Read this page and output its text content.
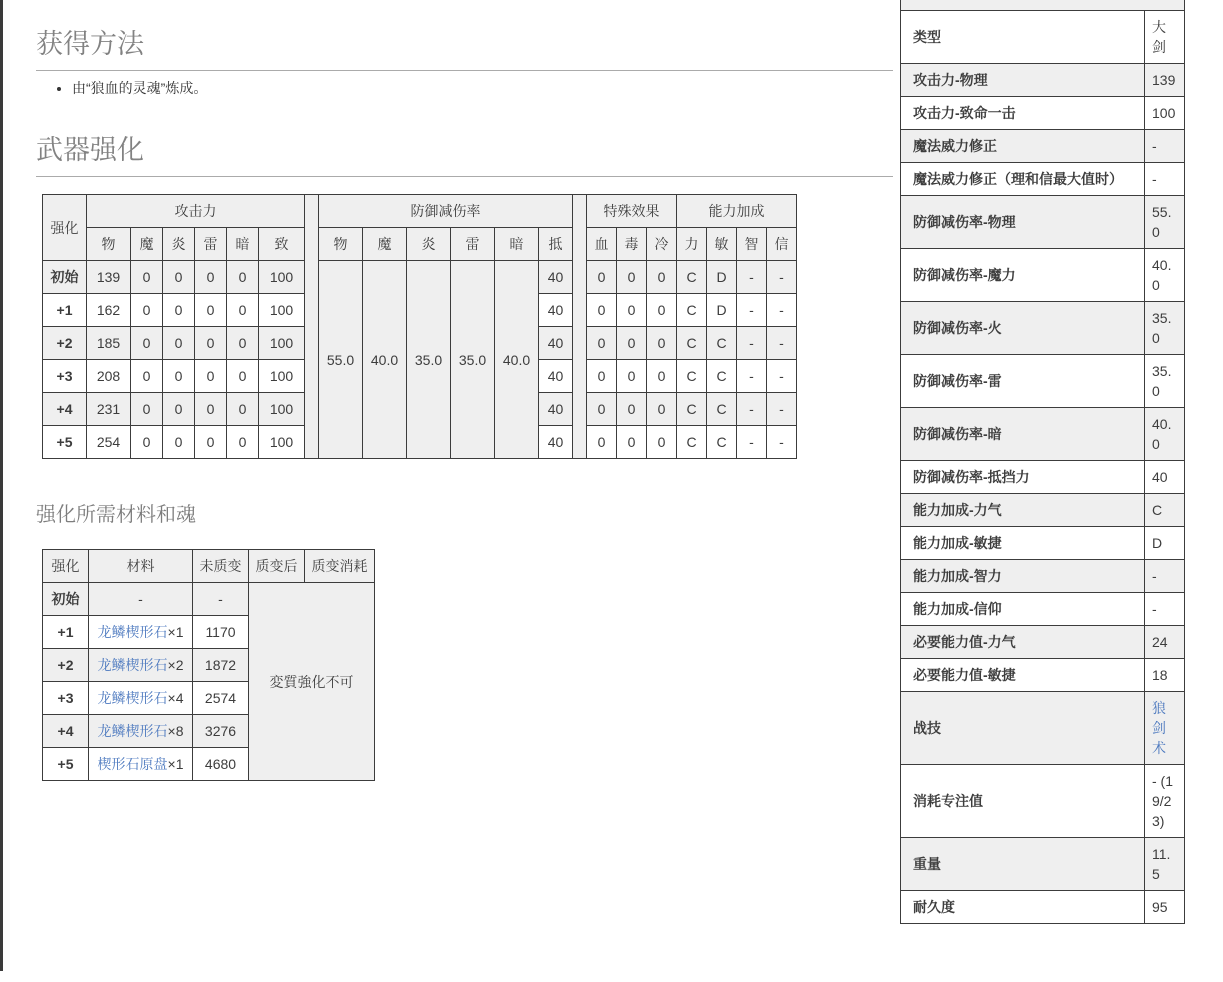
获得方法
• 由“狼血的灵魂”炼成。
武器强化
强化	攻击力							防御减伤率							特殊效果			能力加成			
	物	魔	炎	雷	暗	致		物	魔	炎	雷	暗	抵		血	毒	冷	力	敏	智	信
初始	139	0	0	0	0	100		55.0	40.0	35.0	35.0	40.0	40		0	0	0	C	D	-	-
+1	162	0	0	0	0	100							40		0	0	0	C	D	-	-
+2	185	0	0	0	0	100							40		0	0	0	C	C	-	-
+3	208	0	0	0	0	100							40		0	0	0	C	C	-	-
+4	231	0	0	0	0	100							40		0	0	0	C	C	-	-
+5	254	0	0	0	0	100							40		0	0	0	C	C	-	-
强化所需材料和魂
强化	材料	未质变	质变后	质变消耗
初始	-	-	変質強化不可	
+1	龙鳞楔形石×1	1170		
+2	龙鳞楔形石×2	1872		
+3	龙鳞楔形石×4	2574		
+4	龙鳞楔形石×8	3276		
+5	楔形石原盘×1	4680		

类型	大剑
攻击力-物理	139
攻击力-致命一击	100
魔法威力修正	-
魔法威力修正（理和信最大值时）	-
防御减伤率-物理	55.0
防御减伤率-魔力	40.0
防御减伤率-火	35.0
防御减伤率-雷	35.0
防御减伤率-暗	40.0
防御减伤率-抵挡力	40
能力加成-力气	C
能力加成-敏捷	D
能力加成-智力	-
能力加成-信仰	-
必要能力值-力气	24
必要能力值-敏捷	18
战技	狼剑术
消耗专注值	- (19/23)
重量	11.5
耐久度	95
